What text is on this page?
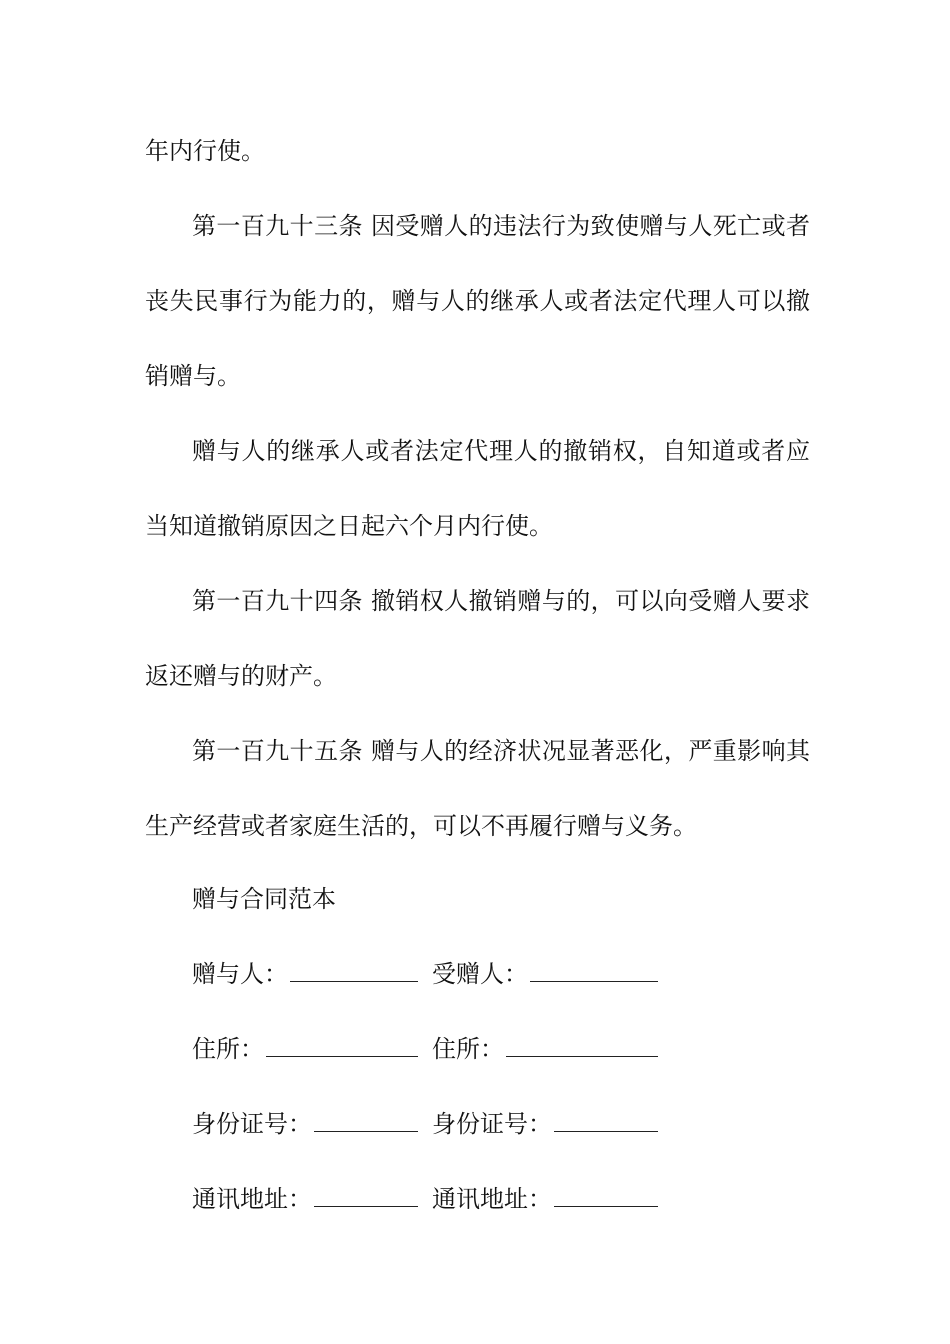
年内行使。
第一百九十三条 因受赠人的违法行为致使赠与人死亡或者
丧失民事行为能力的，赠与人的继承人或者法定代理人可以撤
销赠与。
赠与人的继承人或者法定代理人的撤销权，自知道或者应
当知道撤销原因之日起六个月内行使。
第一百九十四条 撤销权人撤销赠与的，可以向受赠人要求
返还赠与的财产。
第一百九十五条 赠与人的经济状况显著恶化，严重影响其
生产经营或者家庭生活的，可以不再履行赠与义务。
赠与合同范本
赠与人：	受赠人：
住所：	住所：
身份证号：	身份证号：
通讯地址：	通讯地址：
